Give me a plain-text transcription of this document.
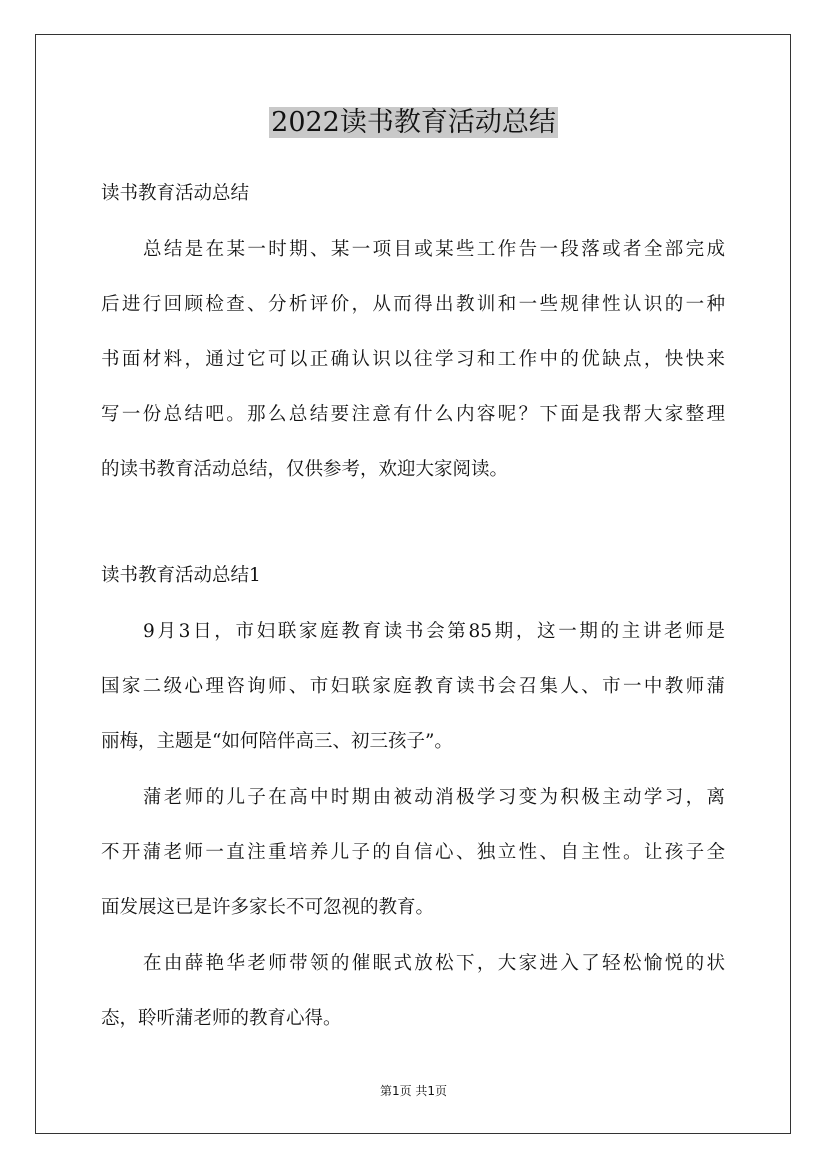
2022读书教育活动总结
读书教育活动总结
总结是在某一时期、某一项目或某些工作告一段落或者全部完成
后进行回顾检查、分析评价，从而得出教训和一些规律性认识的一种
书面材料，通过它可以正确认识以往学习和工作中的优缺点，快快来
写一份总结吧。那么总结要注意有什么内容呢？下面是我帮大家整理
的读书教育活动总结，仅供参考，欢迎大家阅读。
读书教育活动总结1
9月3日，市妇联家庭教育读书会第85期，这一期的主讲老师是
国家二级心理咨询师、市妇联家庭教育读书会召集人、市一中教师蒲
丽梅，主题是“如何陪伴高三、初三孩子”。
蒲老师的儿子在高中时期由被动消极学习变为积极主动学习，离
不开蒲老师一直注重培养儿子的自信心、独立性、自主性。让孩子全
面发展这已是许多家长不可忽视的教育。
在由薛艳华老师带领的催眠式放松下，大家进入了轻松愉悦的状
态，聆听蒲老师的教育心得。
第1页 共1页
